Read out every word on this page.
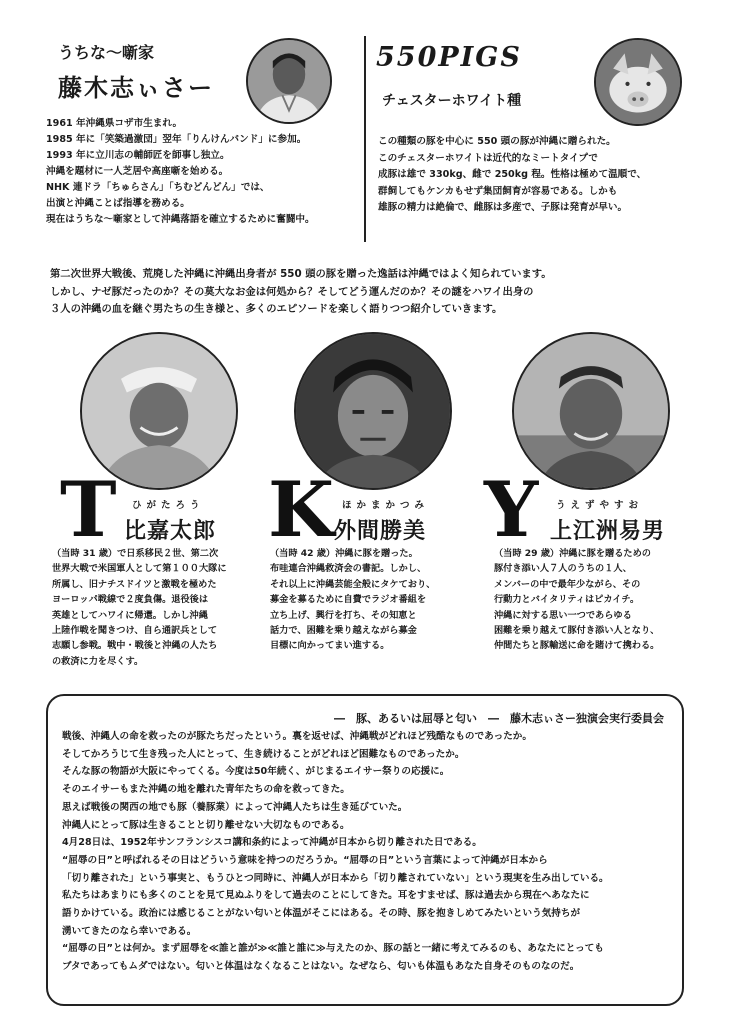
うちな～噺家
藤木志ぃさー
1961 年沖縄県コザ市生まれ。
1985 年に「笑築過激団」翌年「りんけんバンド」に参加。
1993 年に立川志の輔師匠を師事し独立。
沖縄を題材に一人芝居や高座噺を始める。
NHK 連ドラ「ちゅらさん」「ちむどんどん」では、
出演と沖縄ことば指導を務める。
現在はうちな～噺家として沖縄落語を確立するために奮闘中。
550PIGS
チェスターホワイト種
この種類の豚を中心に 550 頭の豚が沖縄に贈られた。
このチェスターホワイトは近代的なミートタイプで
成豚は雄で 330kg、雌で 250kg 程。性格は極めて温順で、
群飼してもケンカもせず集団飼育が容易である。しかも
雄豚の精力は絶倫で、雌豚は多産で、子豚は発育が早い。
第二次世界大戦後、荒廃した沖縄に沖縄出身者が 550 頭の豚を贈った逸話は沖縄ではよく知られています。
しかし、ナゼ豚だったのか？その莫大なお金は何処から？そしてどう運んだのか？その謎をハワイ出身の
３人の沖縄の血を継ぐ男たちの生き様と、多くのエピソードを楽しく語りつつ紹介していきます。
T ひがたろう
比嘉太郎
（当時 31 歳）で日系移民２世、第二次
世界大戦で米国軍人として第１００大隊に
所属し、旧ナチスドイツと激戦を極めた
ヨーロッパ戦線で２度負傷。退役後は
英雄としてハワイに帰還。しかし沖縄
上陸作戦を聞きつけ、自ら通訳兵として
志願し参戦。戦中・戦後と沖縄の人たち
の救済に力を尽くす。
K ほかまかつみ
外間勝美
（当時 42 歳）沖縄に豚を贈った。
布哇連合沖縄救済会の書記。しかし、
それ以上に沖縄芸能全般にタケており、
募金を募るために自費でラジオ番組を
立ち上げ、興行を打ち、その知恵と
話力で、困難を乗り越えながら募金
目標に向かってまい進する。
Y うえずやすお
上江洲易男
（当時 29 歳）沖縄に豚を贈るための
豚付き添い人７人のうちの１人、
メンバーの中で最年少ながら、その
行動力とバイタリティはピカイチ。
沖縄に対する思い一つであらゆる
困難を乗り越えて豚付き添い人となり、
仲間たちと豚輸送に命を賭けて携わる。
―　豚、あるいは屈辱と匂い　―　藤木志ぃさー独演会実行委員会
戦後、沖縄人の命を救ったのが豚たちだったという。裏を返せば、沖縄戦がどれほど残酷なものであったか。
そしてかろうじて生き残った人にとって、生き続けることがどれほど困難なものであったか。
そんな豚の物語が大阪にやってくる。今度は50年続く、がじまるエイサー祭りの応援に。
そのエイサーもまた沖縄の地を離れた青年たちの命を救ってきた。
思えば戦後の関西の地でも豚（養豚業）によって沖縄人たちは生き延びていた。
沖縄人にとって豚は生きることと切り離せない大切なものである。
4月28日は、1952年サンフランシスコ講和条約によって沖縄が日本から切り離された日である。
“屈辱の日”と呼ばれるその日はどういう意味を持つのだろうか。“屈辱の日”という言葉によって沖縄が日本から
「切り離された」という事実と、もうひとつ同時に、沖縄人が日本から「切り離されていない」という現実を生み出している。
私たちはあまりにも多くのことを見て見ぬふりをして過去のことにしてきた。耳をすませば、豚は過去から現在へあなたに
語りかけている。政治には感じることがない匂いと体温がそこにはある。その時、豚を抱きしめてみたいという気持ちが
湧いてきたのなら幸いである。
“屈辱の日”とは何か。まず屈辱を≪誰と誰が≫≪誰と誰に≫与えたのか、豚の話と一緒に考えてみるのも、あなたにとっても
ブタであってもムダではない。匂いと体温はなくなることはない。なぜなら、匂いも体温もあなた自身そのものなのだ。
